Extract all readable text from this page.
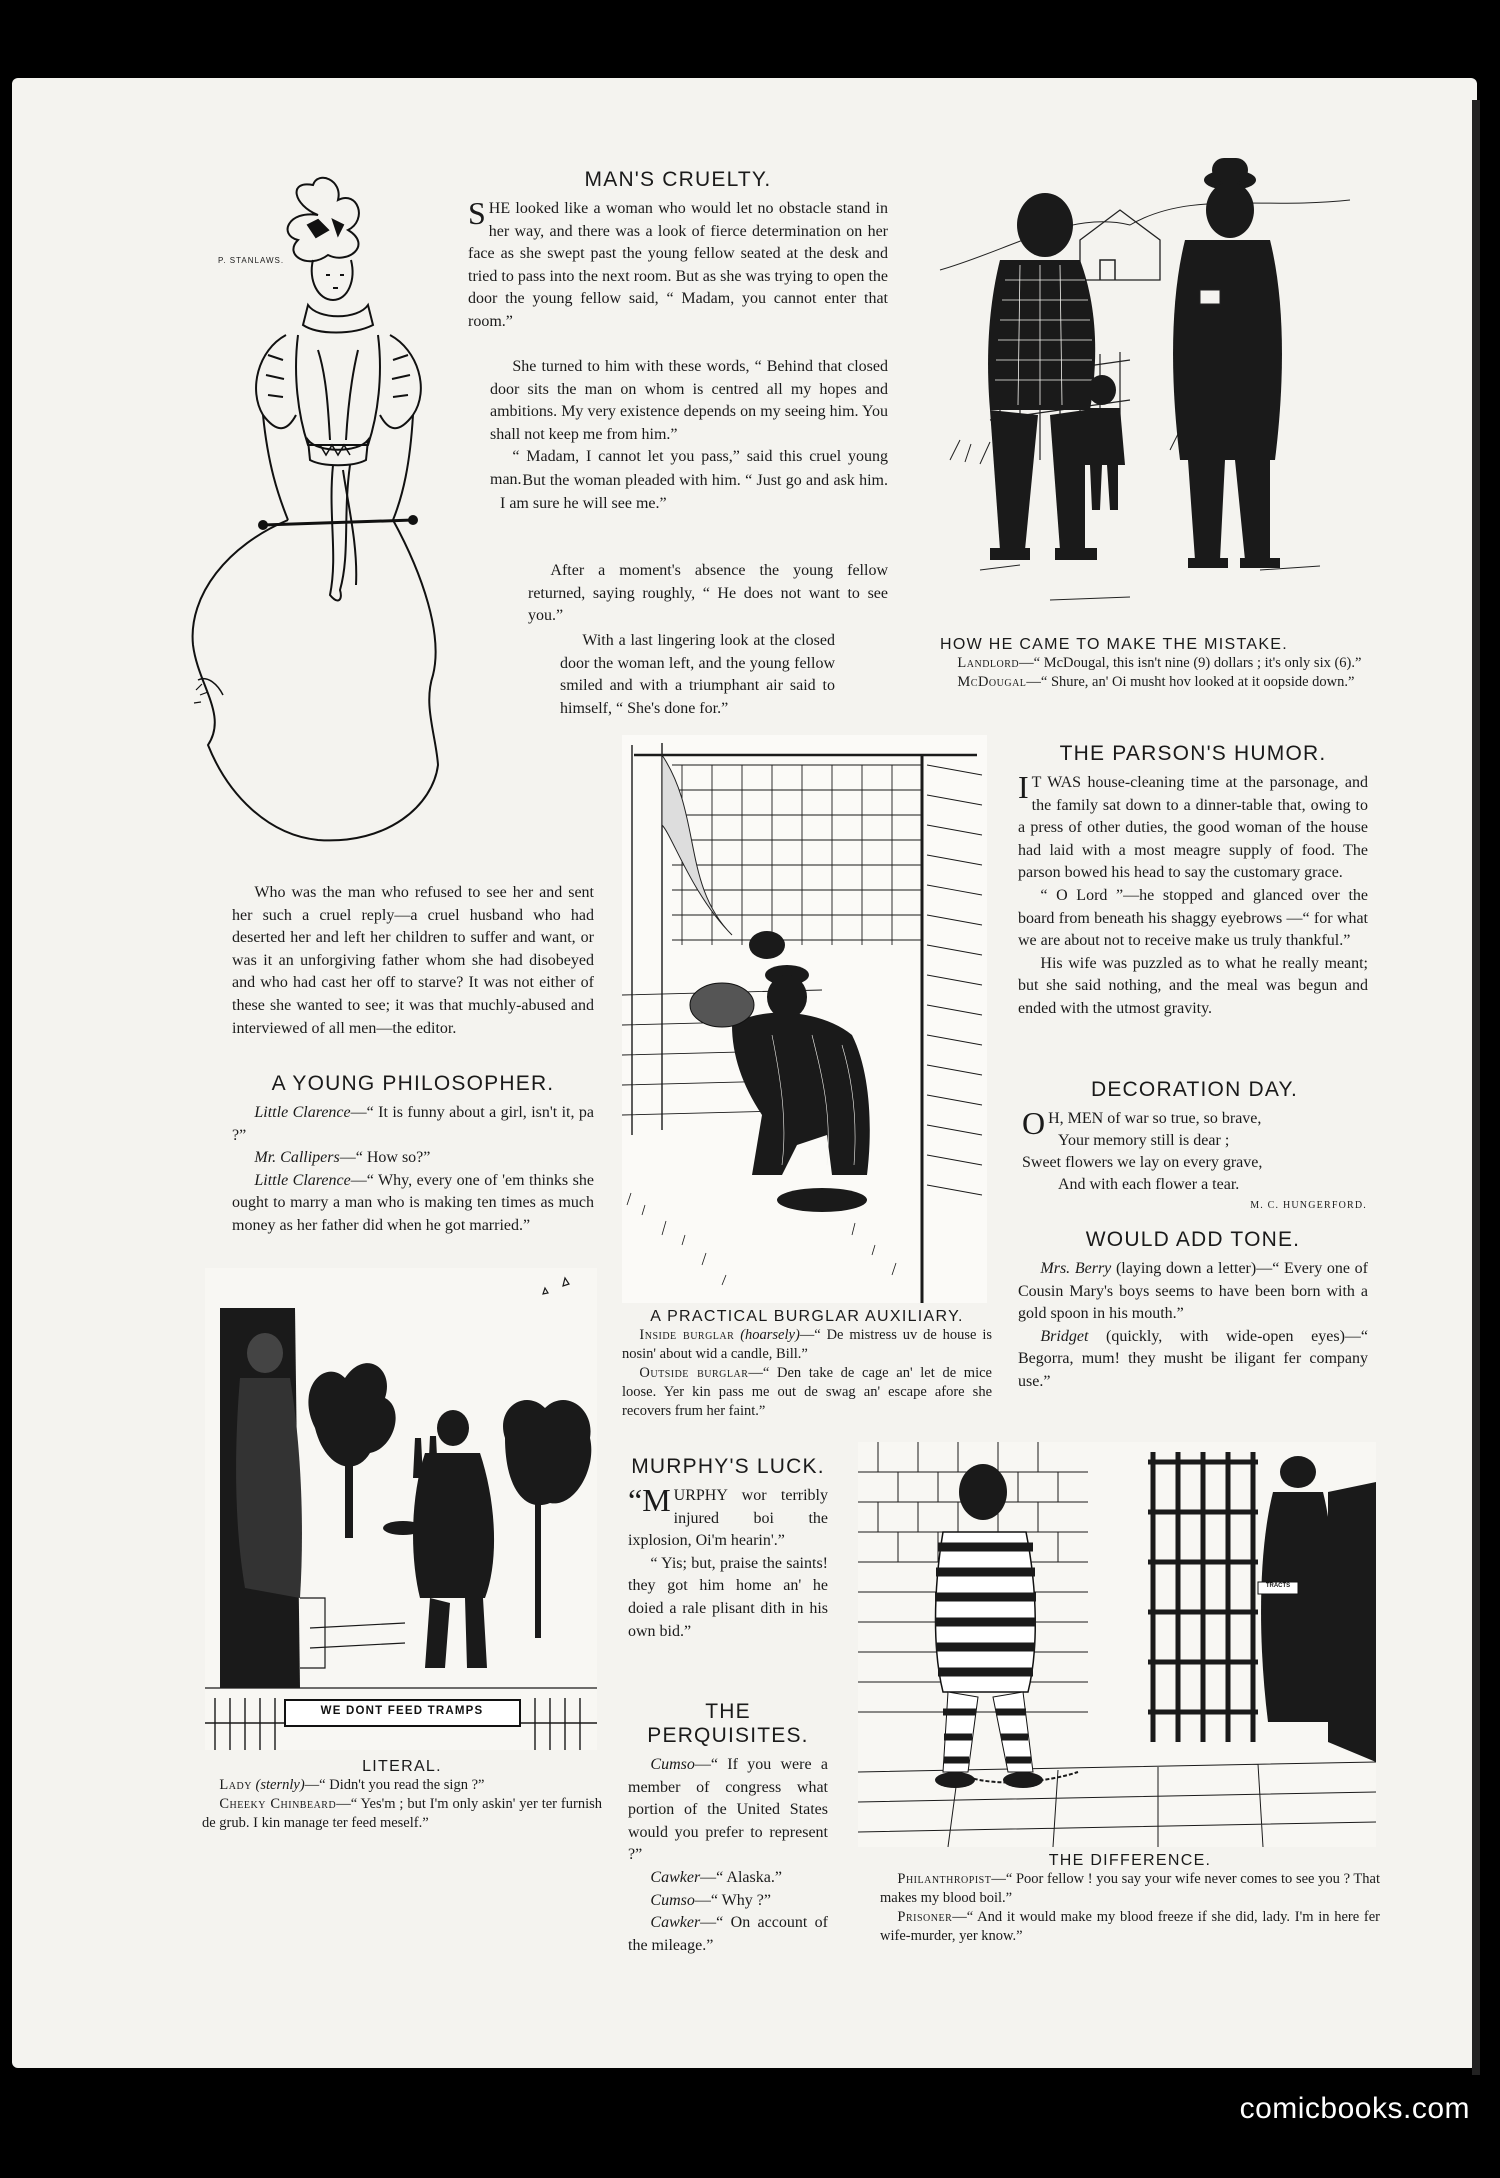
P. STANLAWS.
MAN'S CRUELTY.

SHE looked like a woman who would let no obstacle stand in her way, and there was a look of fierce determination on her face as she swept past the young fellow seated at the desk and tried to pass into the next room. But as she was trying to open the door the young fellow said, “ Madam, you cannot enter that room.”

She turned to him with these words, “ Behind that closed door sits the man on whom is centred all my hopes and ambitions. My very existence depends on my seeing him. You shall not keep me from him.”

“ Madam, I cannot let you pass,” said this cruel young man. But the woman pleaded with him. “ Just go and ask him. I am sure he will see me.”

After a moment's absence the young fellow returned, saying roughly, “ He does not want to see you.”

With a last lingering look at the closed door the woman left, and the young fellow smiled and with a triumphant air said to himself, “ She's done for.”

Who was the man who refused to see her and sent her such a cruel reply—a cruel husband who had deserted her and left her children to suffer and want, or was it an unforgiving father whom she had disobeyed and who had cast her off to starve? It was not either of these she wanted to see; it was that muchly-abused and interviewed of all men—the editor.

HOW HE CAME TO MAKE THE MISTAKE.

Landlord—“ McDougal, this isn't nine (9) dollars ; it's only six (6).”

McDougal—“ Shure, an' Oi musht hov looked at it oopside down.”

A PRACTICAL BURGLAR AUXILIARY.

Inside burglar (hoarsely)—“ De mistress uv de house is nosin' about wid a candle, Bill.”

Outside burglar—“ Den take de cage an' let de mice loose. Yer kin pass me out de swag an' escape afore she recovers frum her faint.”

THE PARSON'S HUMOR.

I T WAS house-cleaning time at the parsonage, and the family sat down to a dinner-table that, owing to a press of other duties, the good woman of the house had laid with a most meagre supply of food. The parson bowed his head to say the customary grace.

“ O Lord ”—he stopped and glanced over the board from beneath his shaggy eyebrows —“ for what we are about not to receive make us truly thankful.”

His wife was puzzled as to what he really meant; but she said nothing, and the meal was begun and ended with the utmost gravity.

DECORATION DAY.
O H, MEN of war so true, so brave,
Your memory still is dear ;
Sweet flowers we lay on every grave,
And with each flower a tear.
M. C. HUNGERFORD.
WOULD ADD TONE.

Mrs. Berry (laying down a letter)—“ Every one of Cousin Mary's boys seems to have been born with a gold spoon in his mouth.”

Bridget (quickly, with wide-open eyes)—“ Begorra, mum! they musht be iligant fer company use.”

A YOUNG PHILOSOPHER.

Little Clarence—“ It is funny about a girl, isn't it, pa ?”

Mr. Callipers—“ How so?”

Little Clarence—“ Why, every one of 'em thinks she ought to marry a man who is making ten times as much money as her father did when he got married.”

WE DONT FEED TRAMPS
LITERAL.

Lady (sternly)—“ Didn't you read the sign ?”

Cheeky Chinbeard—“ Yes'm ; but I'm only askin' yer ter furnish de grub. I kin manage ter feed meself.”

MURPHY'S LUCK.

“M URPHY wor terribly injured boi the ixplosion, Oi'm hearin'.”

“ Yis; but, praise the saints! they got him home an' he doied a rale plisant dith in his own bid.”

THE PERQUISITES.

Cumso—“ If you were a member of congress what portion of the United States would you prefer to represent ?”

Cawker—“ Alaska.”

Cumso—“ Why ?”

Cawker—“ On account of the mileage.”

TRACTS
THE DIFFERENCE.

Philanthropist—“ Poor fellow ! you say your wife never comes to see you ? That makes my blood boil.”

Prisoner—“ And it would make my blood freeze if she did, lady. I'm in here fer wife-murder, yer know.”

comicbooks.com
